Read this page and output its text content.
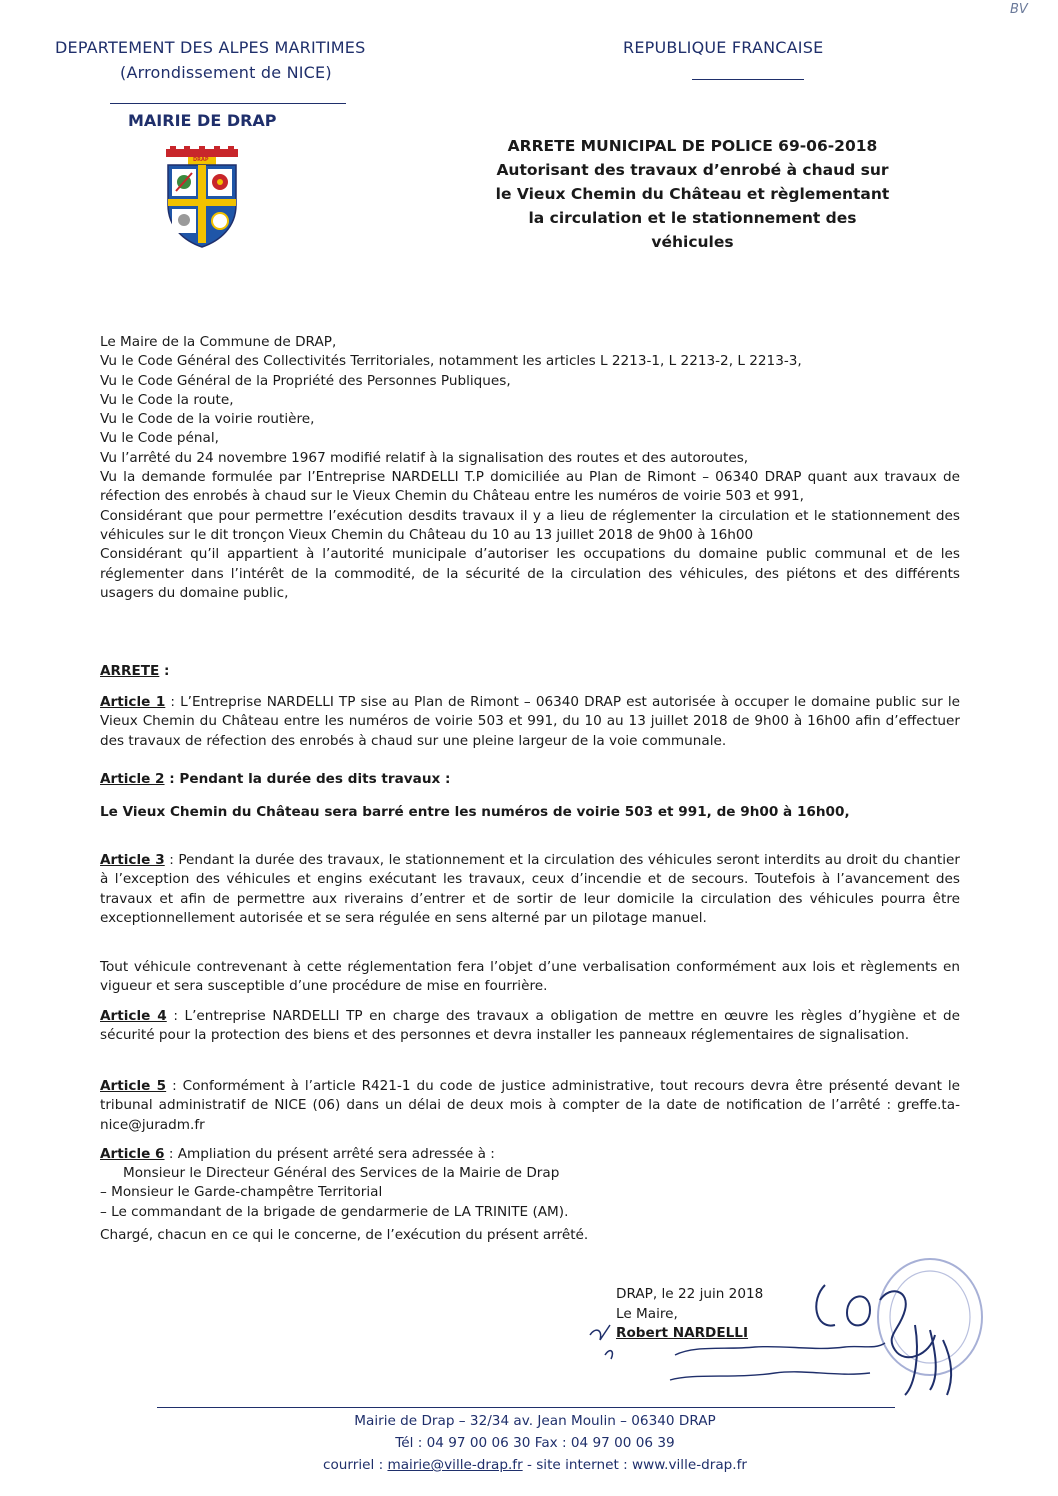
BV
DEPARTEMENT DES ALPES MARITIMES
(Arrondissement de NICE)
MAIRIE DE DRAP
REPUBLIQUE FRANCAISE
DRAP
ARRETE MUNICIPAL DE POLICE 69-06-2018
Autorisant des travaux d’enrobé à chaud sur
le Vieux Chemin du Château et règlementant
la circulation et le stationnement des
véhicules
Le Maire de la Commune de DRAP,
Vu le Code Général des Collectivités Territoriales, notamment les articles L 2213-1, L 2213-2, L 2213-3,
Vu le Code Général de la Propriété des Personnes Publiques,
Vu le Code la route,
Vu le Code de la voirie routière,
Vu le Code pénal,
Vu l’arrêté du 24 novembre 1967 modifié relatif à la signalisation des routes et des autoroutes,
Vu la demande formulée par l’Entreprise NARDELLI T.P domiciliée au Plan de Rimont – 06340 DRAP quant aux travaux de réfection des enrobés à chaud sur le Vieux Chemin du Château entre les numéros de voirie 503 et 991,
Considérant que pour permettre l’exécution desdits travaux il y a lieu de réglementer la circulation et le stationnement des véhicules sur le dit tronçon Vieux Chemin du Château du 10 au 13 juillet 2018 de 9h00 à 16h00
Considérant qu’il appartient à l’autorité municipale d’autoriser les occupations du domaine public communal et de les réglementer dans l’intérêt de la commodité, de la sécurité de la circulation des véhicules, des piétons et des différents usagers du domaine public,
ARRETE :
Article 1 : L’Entreprise NARDELLI TP sise au Plan de Rimont – 06340 DRAP est autorisée à occuper le domaine public sur le Vieux Chemin du Château entre les numéros de voirie 503 et 991, du 10 au 13 juillet 2018 de 9h00 à 16h00 afin d’effectuer des travaux de réfection des enrobés à chaud sur une pleine largeur de la voie communale.
Article 2 : Pendant la durée des dits travaux :
Le Vieux Chemin du Château sera barré entre les numéros de voirie 503 et 991, de 9h00 à 16h00,
Article 3 : Pendant la durée des travaux, le stationnement et la circulation des véhicules seront interdits au droit du chantier à l’exception des véhicules et engins exécutant les travaux, ceux d’incendie et de secours. Toutefois à l’avancement des travaux et afin de permettre aux riverains d’entrer et de sortir de leur domicile la circulation des véhicules pourra être exceptionnellement autorisée et se sera régulée en sens alterné par un pilotage manuel.
Tout véhicule contrevenant à cette réglementation fera l’objet d’une verbalisation conformément aux lois et règlements en vigueur et sera susceptible d’une procédure de mise en fourrière.
Article 4 : L’entreprise NARDELLI TP en charge des travaux a obligation de mettre en œuvre les règles d’hygiène et de sécurité pour la protection des biens et des personnes et devra installer les panneaux réglementaires de signalisation.
Article 5 : Conformément à l’article R421-1 du code de justice administrative, tout recours devra être présenté devant le tribunal administratif de NICE (06) dans un délai de deux mois à compter de la date de notification de l’arrêté : greffe.ta-nice@juradm.fr
Article 6 : Ampliation du présent arrêté sera adressée à :
Monsieur le Directeur Général des Services de la Mairie de Drap
– Monsieur le Garde-champêtre Territorial
– Le commandant de la brigade de gendarmerie de LA TRINITE (AM).
Chargé, chacun en ce qui le concerne, de l’exécution du présent arrêté.
DRAP, le 22 juin 2018
Le Maire,
Robert NARDELLI
Mairie de Drap – 32/34 av. Jean Moulin – 06340 DRAP
Tél : 04 97 00 06 30 Fax : 04 97 00 06 39
courriel : mairie@ville-drap.fr - site internet : www.ville-drap.fr
